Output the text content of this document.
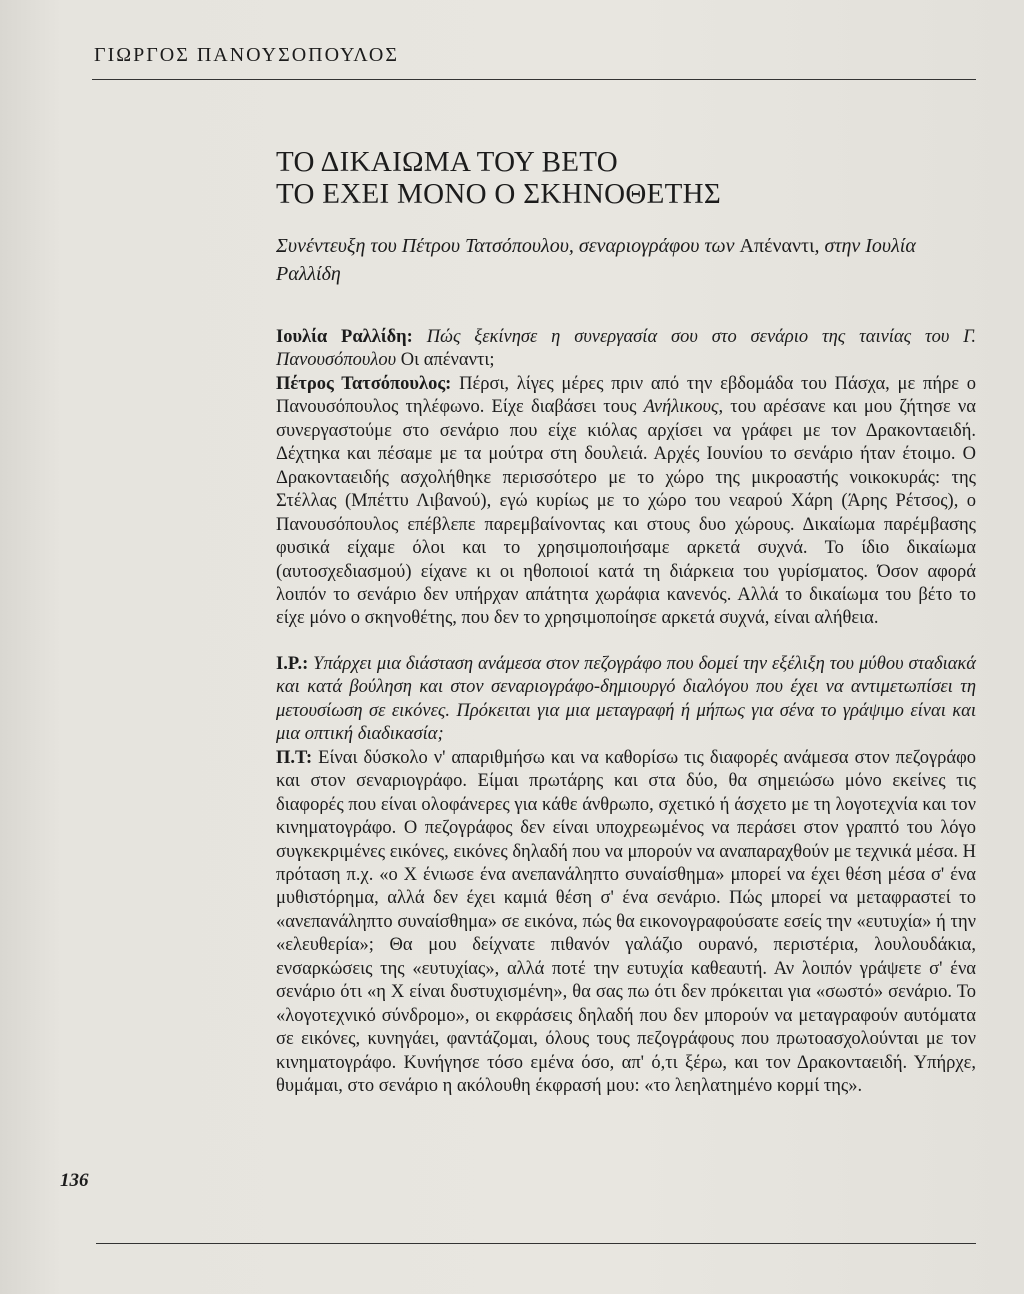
ΓΙΩΡΓΟΣ ΠΑΝΟΥΣΟΠΟΥΛΟΣ
ΤΟ ΔΙΚΑΙΩΜΑ ΤΟΥ ΒΕΤΟ
ΤΟ ΕΧΕΙ ΜΟΝΟ Ο ΣΚΗΝΟΘΕΤΗΣ
Συνέντευξη του Πέτρου Τατσόπουλου, σεναριογράφου των Απέναντι, στην Ιουλία Ραλλίδη

Ιουλία Ραλλίδη: Πώς ξεκίνησε η συνεργασία σου στο σενάριο της ταινίας του Γ. Πανουσόπουλου Οι απέναντι;

Πέτρος Τατσόπουλος: Πέρσι, λίγες μέρες πριν από την εβδομάδα του Πάσχα, με πήρε ο Πανουσόπουλος τηλέφωνο. Είχε διαβάσει τους Ανήλικους, του αρέσανε και μου ζήτησε να συνεργαστούμε στο σενάριο που είχε κιόλας αρχίσει να γράφει με τον Δρακονταειδή. Δέχτηκα και πέσαμε με τα μούτρα στη δουλειά. Αρχές Ιουνίου το σενάριο ήταν έτοιμο. Ο Δρακονταειδής ασχολήθηκε περισσότερο με το χώρο της μικροαστής νοικοκυράς: της Στέλλας (Μπέττυ Λιβανού), εγώ κυρίως με το χώρο του νεαρού Χάρη (Άρης Ρέτσος), ο Πανουσόπουλος επέβλεπε παρεμβαίνοντας και στους δυο χώρους. Δικαίωμα παρέμβασης φυσικά είχαμε όλοι και το χρησιμοποιήσαμε αρκετά συχνά. Το ίδιο δικαίωμα (αυτοσχεδιασμού) είχανε κι οι ηθοποιοί κατά τη διάρκεια του γυρίσματος. Όσον αφορά λοιπόν το σενάριο δεν υπήρχαν απάτητα χωράφια κανενός. Αλλά το δικαίωμα του βέτο το είχε μόνο ο σκηνοθέτης, που δεν το χρησιμοποίησε αρκετά συχνά, είναι αλήθεια.

Ι.Ρ.: Υπάρχει μια διάσταση ανάμεσα στον πεζογράφο που δομεί την εξέλιξη του μύθου σταδιακά και κατά βούληση και στον σεναριογράφο-δημιουργό διαλόγου που έχει να αντιμετωπίσει τη μετουσίωση σε εικόνες. Πρόκειται για μια μεταγραφή ή μήπως για σένα το γράψιμο είναι και μια οπτική διαδικασία;

Π.Τ: Είναι δύσκολο ν' απαριθμήσω και να καθορίσω τις διαφορές ανάμεσα στον πεζογράφο και στον σεναριογράφο. Είμαι πρωτάρης και στα δύο, θα σημειώσω μόνο εκείνες τις διαφορές που είναι ολοφάνερες για κάθε άνθρωπο, σχετικό ή άσχετο με τη λογοτεχνία και τον κινηματογράφο. Ο πεζογράφος δεν είναι υποχρεωμένος να περάσει στον γραπτό του λόγο συγκεκριμένες εικόνες, εικόνες δηλαδή που να μπορούν να αναπαραχθούν με τεχνικά μέσα. Η πρόταση π.χ. «ο Χ ένιωσε ένα ανεπανάληπτο συναίσθημα» μπορεί να έχει θέση μέσα σ' ένα μυθιστόρημα, αλλά δεν έχει καμιά θέση σ' ένα σενάριο. Πώς μπορεί να μεταφραστεί το «ανεπανάληπτο συναίσθημα» σε εικόνα, πώς θα εικονογραφούσατε εσείς την «ευτυχία» ή την «ελευθερία»; Θα μου δείχνατε πιθανόν γαλάζιο ουρανό, περιστέρια, λουλουδάκια, ενσαρκώσεις της «ευτυχίας», αλλά ποτέ την ευτυχία καθεαυτή. Αν λοιπόν γράψετε σ' ένα σενάριο ότι «η Χ είναι δυστυχισμένη», θα σας πω ότι δεν πρόκειται για «σωστό» σενάριο. Το «λογοτεχνικό σύνδρομο», οι εκφράσεις δηλαδή που δεν μπορούν να μεταγραφούν αυτόματα σε εικόνες, κυνηγάει, φαντάζομαι, όλους τους πεζογράφους που πρωτοασχολούνται με τον κινηματογράφο. Κυνήγησε τόσο εμένα όσο, απ' ό,τι ξέρω, και τον Δρακονταειδή. Υπήρχε, θυμάμαι, στο σενάριο η ακόλουθη έκφρασή μου: «το λεηλατημένο κορμί της».

136
